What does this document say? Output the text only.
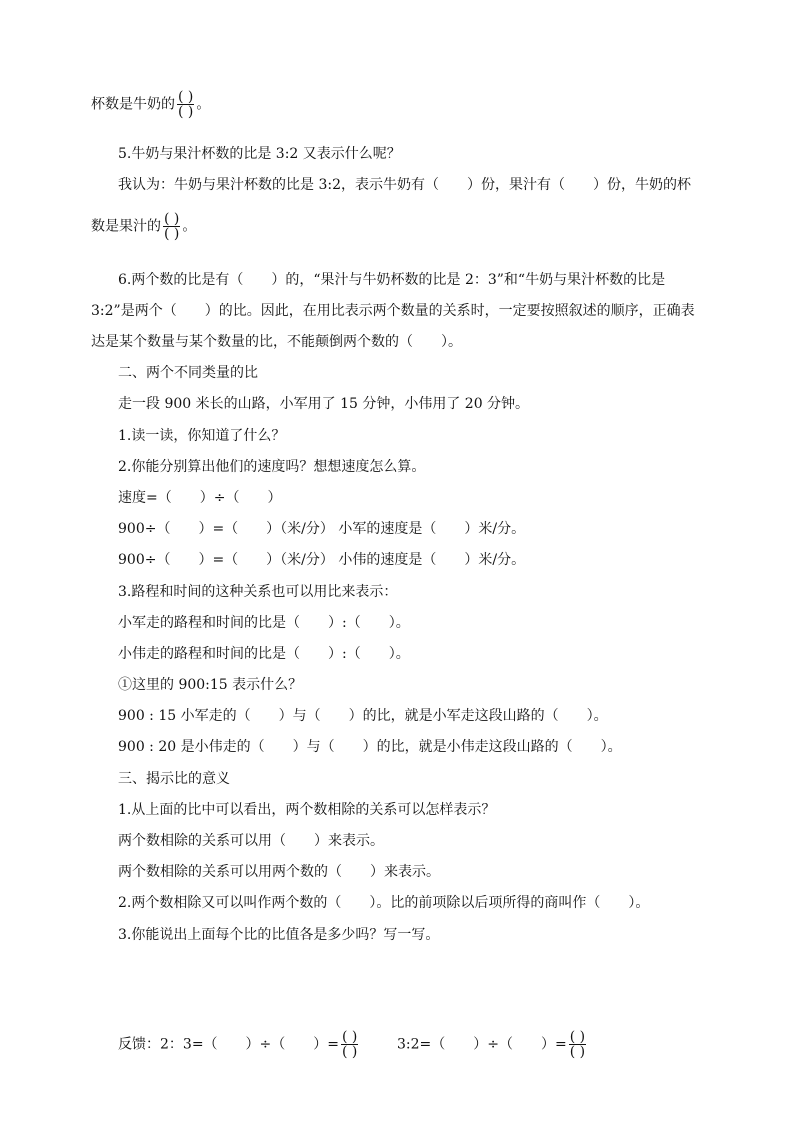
杯数是牛奶的 $\frac{( )}{( )}$ 。
5.牛奶与果汁杯数的比是 3:2 又表示什么呢？
我认为：牛奶与果汁杯数的比是 3:2，表示牛奶有（　　）份，果汁有（　　）份，牛奶的杯
数是果汁的 $\frac{( )}{( )}$ 。
6.两个数的比是有（　　）的，“果汁与牛奶杯数的比是 2：3”和“牛奶与果汁杯数的比是
3:2”是两个（　　）的比。因此，在用比表示两个数量的关系时，一定要按照叙述的顺序，正确表
达是某个数量与某个数量的比，不能颠倒两个数的（　　）。
二、两个不同类量的比
走一段 900 米长的山路，小军用了 15 分钟，小伟用了 20 分钟。
1.读一读，你知道了什么？
2.你能分别算出他们的速度吗？想想速度怎么算。
速度=（　　）÷（　　）
900÷（　　）=（　　）（米/分） 小军的速度是（　　）米/分。
900÷（　　）=（　　）（米/分） 小伟的速度是（　　）米/分。
3.路程和时间的这种关系也可以用比来表示：
小军走的路程和时间的比是（　　）:（　　）。
小伟走的路程和时间的比是（　　）:（　　）。
①这里的 900:15 表示什么？
900 : 15 小军走的（　　）与（　　）的比，就是小军走这段山路的（　　）。
900 : 20 是小伟走的（　　）与（　　）的比，就是小伟走这段山路的（　　）。
三、揭示比的意义
1.从上面的比中可以看出，两个数相除的关系可以怎样表示？
两个数相除的关系可以用（　　）来表示。
两个数相除的关系可以用两个数的（　　）来表示。
2.两个数相除又可以叫作两个数的（　　）。比的前项除以后项所得的商叫作（　　）。
3.你能说出上面每个比的比值各是多少吗？写一写。
反馈：2：3=（　　）÷（　　）= $\frac{( )}{( )}$	3:2=（　　）÷（　　）= $\frac{( )}{( )}$
